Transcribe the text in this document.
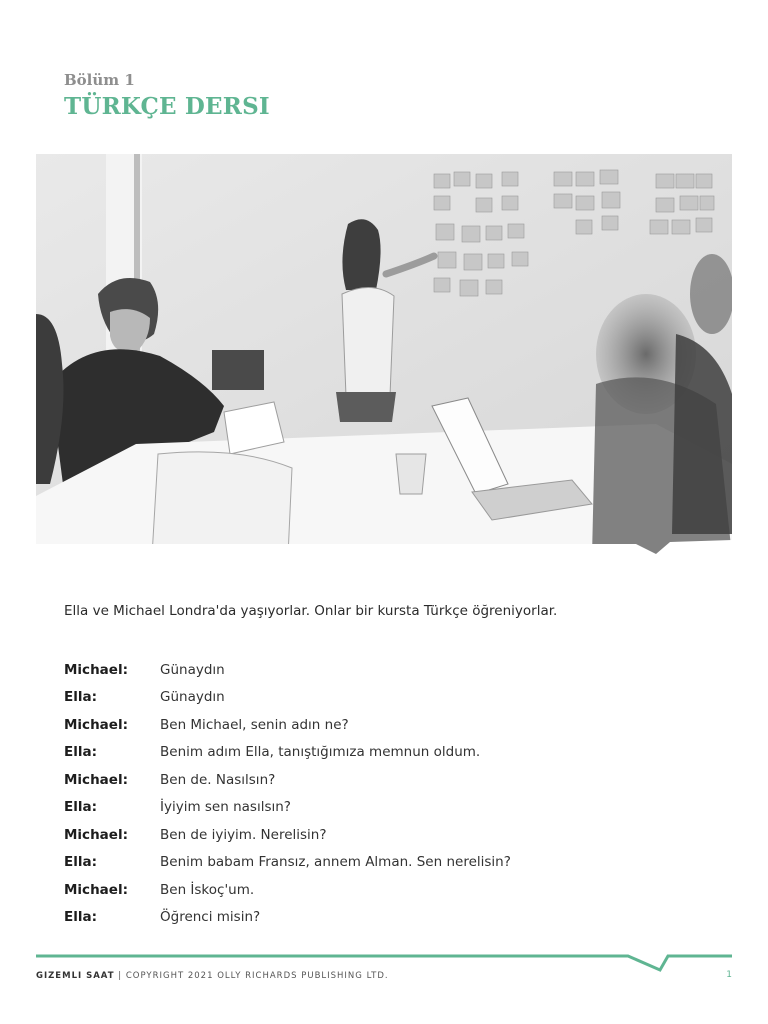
Bölüm 1
TÜRKÇE DERSI
Ella ve Michael Londra'da yaşıyorlar. Onlar bir kursta Türkçe öğreniyorlar.
Michael:	Günaydın
Ella:	Günaydın
Michael:	Ben Michael, senin adın ne?
Ella:	Benim adım Ella, tanıştığımıza memnun oldum.
Michael:	Ben de. Nasılsın?
Ella:	İyiyim sen nasılsın?
Michael:	Ben de iyiyim. Nerelisin?
Ella:	Benim babam Fransız, annem Alman. Sen nerelisin?
Michael:	Ben İskoç'um.
Ella:	Öğrenci misin?
GIZEMLI SAAT | COPYRIGHT 2021 OLLY RICHARDS PUBLISHING LTD.	1
